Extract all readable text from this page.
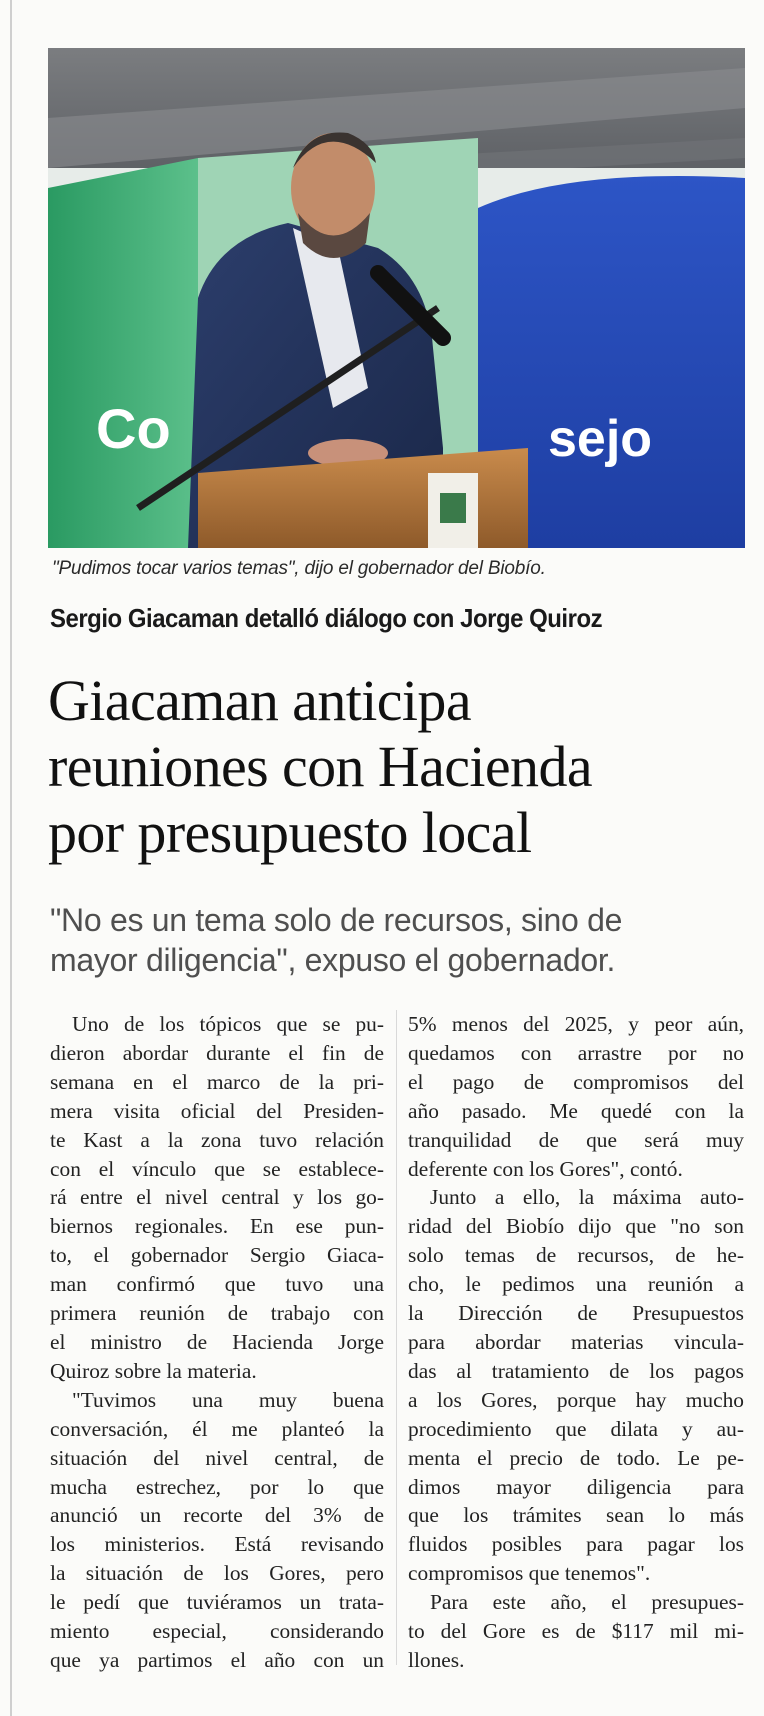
Co	sejo
"Pudimos tocar varios temas", dijo el gobernador del Biobío.
Sergio Giacaman detalló diálogo con Jorge Quiroz
Giacaman anticipa
reuniones con Hacienda
por presupuesto local
"No es un tema solo de recursos, sino de
mayor diligencia", expuso el gobernador.
Uno de los tópicos que se pu-
dieron abordar durante el fin de
semana en el marco de la pri-
mera visita oficial del Presiden-
te Kast a la zona tuvo relación
con el vínculo que se establece-
rá entre el nivel central y los go-
biernos regionales. En ese pun-
to, el gobernador Sergio Giaca-
man confirmó que tuvo una
primera reunión de trabajo con
el ministro de Hacienda Jorge
Quiroz sobre la materia.
"Tuvimos una muy buena
conversación, él me planteó la
situación del nivel central, de
mucha estrechez, por lo que
anunció un recorte del 3% de
los ministerios. Está revisando
la situación de los Gores, pero
le pedí que tuviéramos un trata-
miento especial, considerando
que ya partimos el año con un
5% menos del 2025, y peor aún,
quedamos con arrastre por no
el pago de compromisos del
año pasado. Me quedé con la
tranquilidad de que será muy
deferente con los Gores", contó.
Junto a ello, la máxima auto-
ridad del Biobío dijo que "no son
solo temas de recursos, de he-
cho, le pedimos una reunión a
la Dirección de Presupuestos
para abordar materias vincula-
das al tratamiento de los pagos
a los Gores, porque hay mucho
procedimiento que dilata y au-
menta el precio de todo. Le pe-
dimos mayor diligencia para
que los trámites sean lo más
fluidos posibles para pagar los
compromisos que tenemos".
Para este año, el presupues-
to del Gore es de $117 mil mi-
llones.
